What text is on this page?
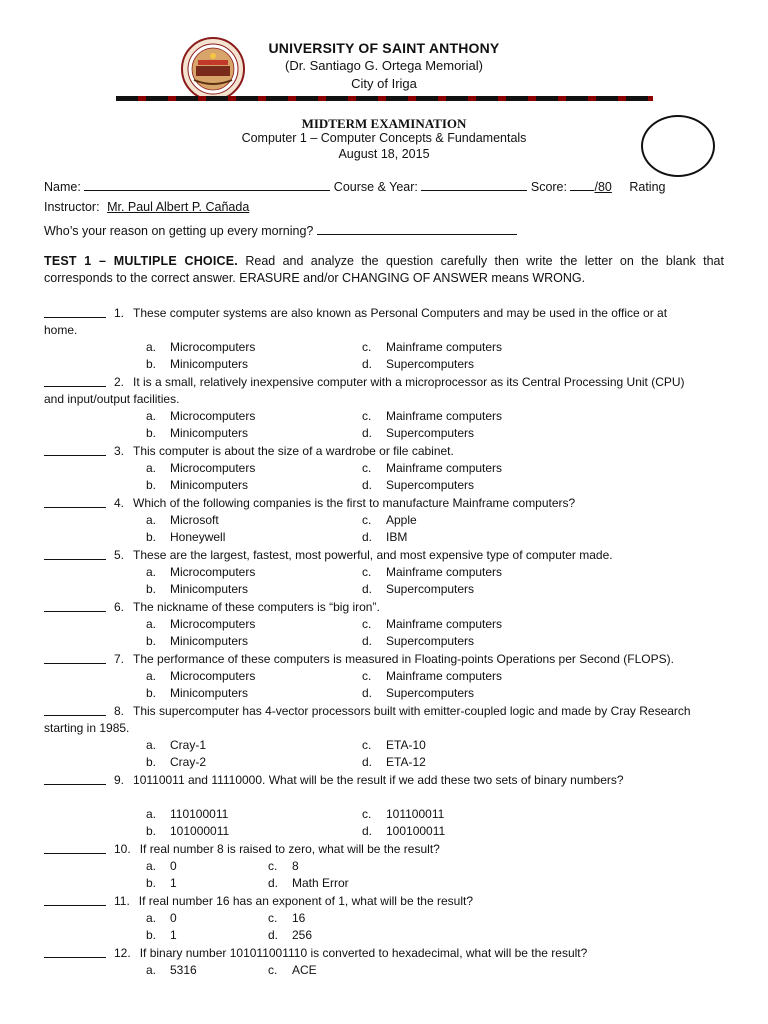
UNIVERSITY OF SAINT ANTHONY
(Dr. Santiago G. Ortega Memorial)
City of Iriga
MIDTERM EXAMINATION
Computer 1 – Computer Concepts & Fundamentals
August 18, 2015
Name:	Course & Year:	Score: /80 Rating
Instructor: Mr. Paul Albert P. Cañada
Who’s your reason on getting up every morning?
TEST 1 – MULTIPLE CHOICE. Read and analyze the question carefully then write the letter on the blank that corresponds to the correct answer. ERASURE and/or CHANGING OF ANSWER means WRONG.
1. These computer systems are also known as Personal Computers and may be used in the office or at
home.
a. Microcomputers	c. Mainframe computers
b. Minicomputers	d. Supercomputers
2. It is a small, relatively inexpensive computer with a microprocessor as its Central Processing Unit (CPU)
and input/output facilities.
a. Microcomputers	c. Mainframe computers
b. Minicomputers	d. Supercomputers
3. This computer is about the size of a wardrobe or file cabinet.
a. Microcomputers	c. Mainframe computers
b. Minicomputers	d. Supercomputers
4. Which of the following companies is the first to manufacture Mainframe computers?
a. Microsoft	c. Apple
b. Honeywell	d. IBM
5. These are the largest, fastest, most powerful, and most expensive type of computer made.
a. Microcomputers	c. Mainframe computers
b. Minicomputers	d. Supercomputers
6. The nickname of these computers is “big iron”.
a. Microcomputers	c. Mainframe computers
b. Minicomputers	d. Supercomputers
7. The performance of these computers is measured in Floating-points Operations per Second (FLOPS).
a. Microcomputers	c. Mainframe computers
b. Minicomputers	d. Supercomputers
8. This supercomputer has 4-vector processors built with emitter-coupled logic and made by Cray Research
starting in 1985.
a. Cray-1	c. ETA-10
b. Cray-2	d. ETA-12
9. 10110011 and 11110000. What will be the result if we add these two sets of binary numbers?
a. 110100011	c. 101100011
b. 101000011	d. 100100011
10. If real number 8 is raised to zero, what will be the result?
a. 0	c. 8
b. 1	d. Math Error
11. If real number 16 has an exponent of 1, what will be the result?
a. 0	c. 16
b. 1	d. 256
12. If binary number 101011001110 is converted to hexadecimal, what will be the result?
a. 5316	c. ACE
